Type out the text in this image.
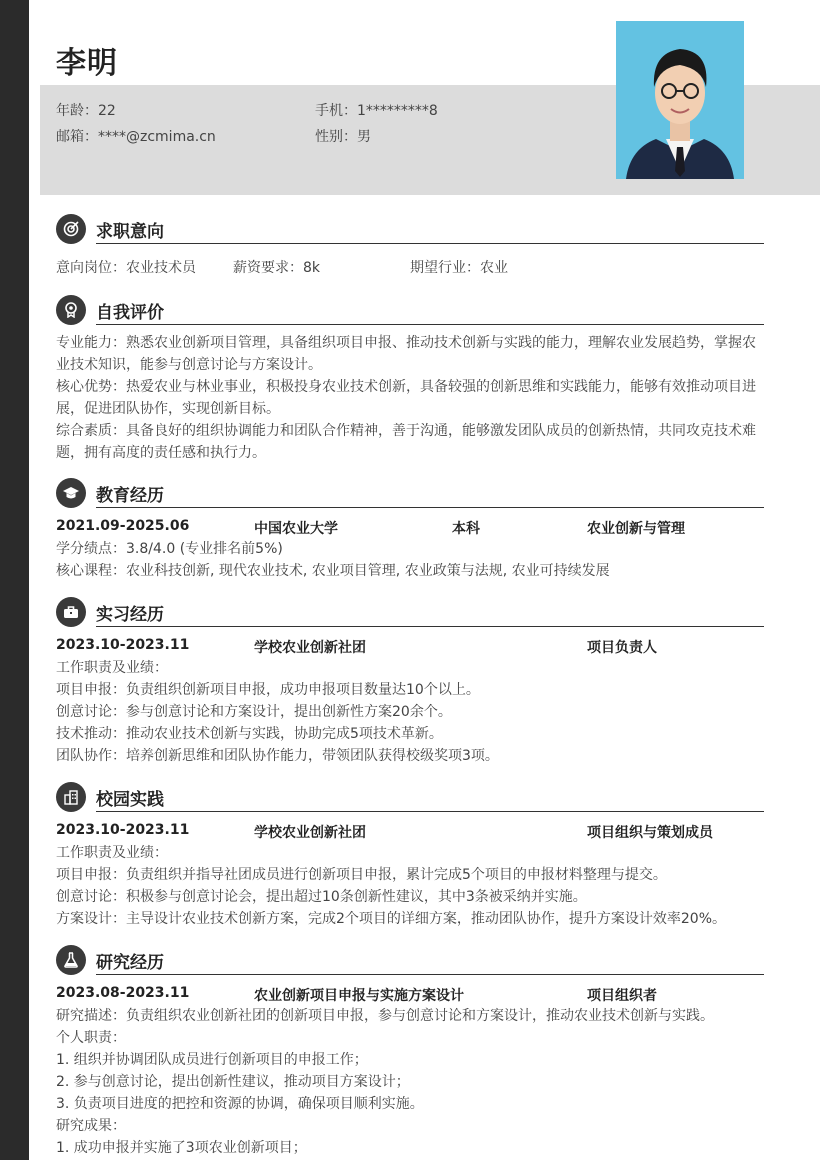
李明
年龄：22	手机：1*********8
邮箱：****@zcmima.cn	性别：男
求职意向
意向岗位：农业技术员	薪资要求：8k	期望行业：农业
自我评价
专业能力：熟悉农业创新项目管理，具备组织项目申报、推动技术创新与实践的能力，理解农业发展趋势，掌握农业技术知识，能参与创意讨论与方案设计。
核心优势：热爱农业与林业事业，积极投身农业技术创新，具备较强的创新思维和实践能力，能够有效推动项目进展，促进团队协作，实现创新目标。
综合素质：具备良好的组织协调能力和团队合作精神，善于沟通，能够激发团队成员的创新热情，共同攻克技术难题，拥有高度的责任感和执行力。
教育经历
2021.09-2025.06	中国农业大学	本科	农业创新与管理
学分绩点：3.8/4.0 (专业排名前5%)
核心课程：农业科技创新, 现代农业技术, 农业项目管理, 农业政策与法规, 农业可持续发展
实习经历
2023.10-2023.11	学校农业创新社团	项目负责人
工作职责及业绩：
项目申报：负责组织创新项目申报，成功申报项目数量达10个以上。
创意讨论：参与创意讨论和方案设计，提出创新性方案20余个。
技术推动：推动农业技术创新与实践，协助完成5项技术革新。
团队协作：培养创新思维和团队协作能力，带领团队获得校级奖项3项。
校园实践
2023.10-2023.11	学校农业创新社团	项目组织与策划成员
工作职责及业绩：
项目申报：负责组织并指导社团成员进行创新项目申报，累计完成5个项目的申报材料整理与提交。
创意讨论：积极参与创意讨论会，提出超过10条创新性建议，其中3条被采纳并实施。
方案设计：主导设计农业技术创新方案，完成2个项目的详细方案，推动团队协作，提升方案设计效率20%。
研究经历
2023.08-2023.11	农业创新项目申报与实施方案设计	项目组织者
研究描述：负责组织农业创新社团的创新项目申报，参与创意讨论和方案设计，推动农业技术创新与实践。
个人职责：
1. 组织并协调团队成员进行创新项目的申报工作；
2. 参与创意讨论，提出创新性建议，推动项目方案设计；
3. 负责项目进度的把控和资源的协调，确保项目顺利实施。
研究成果：
1. 成功申报并实施了3项农业创新项目；
